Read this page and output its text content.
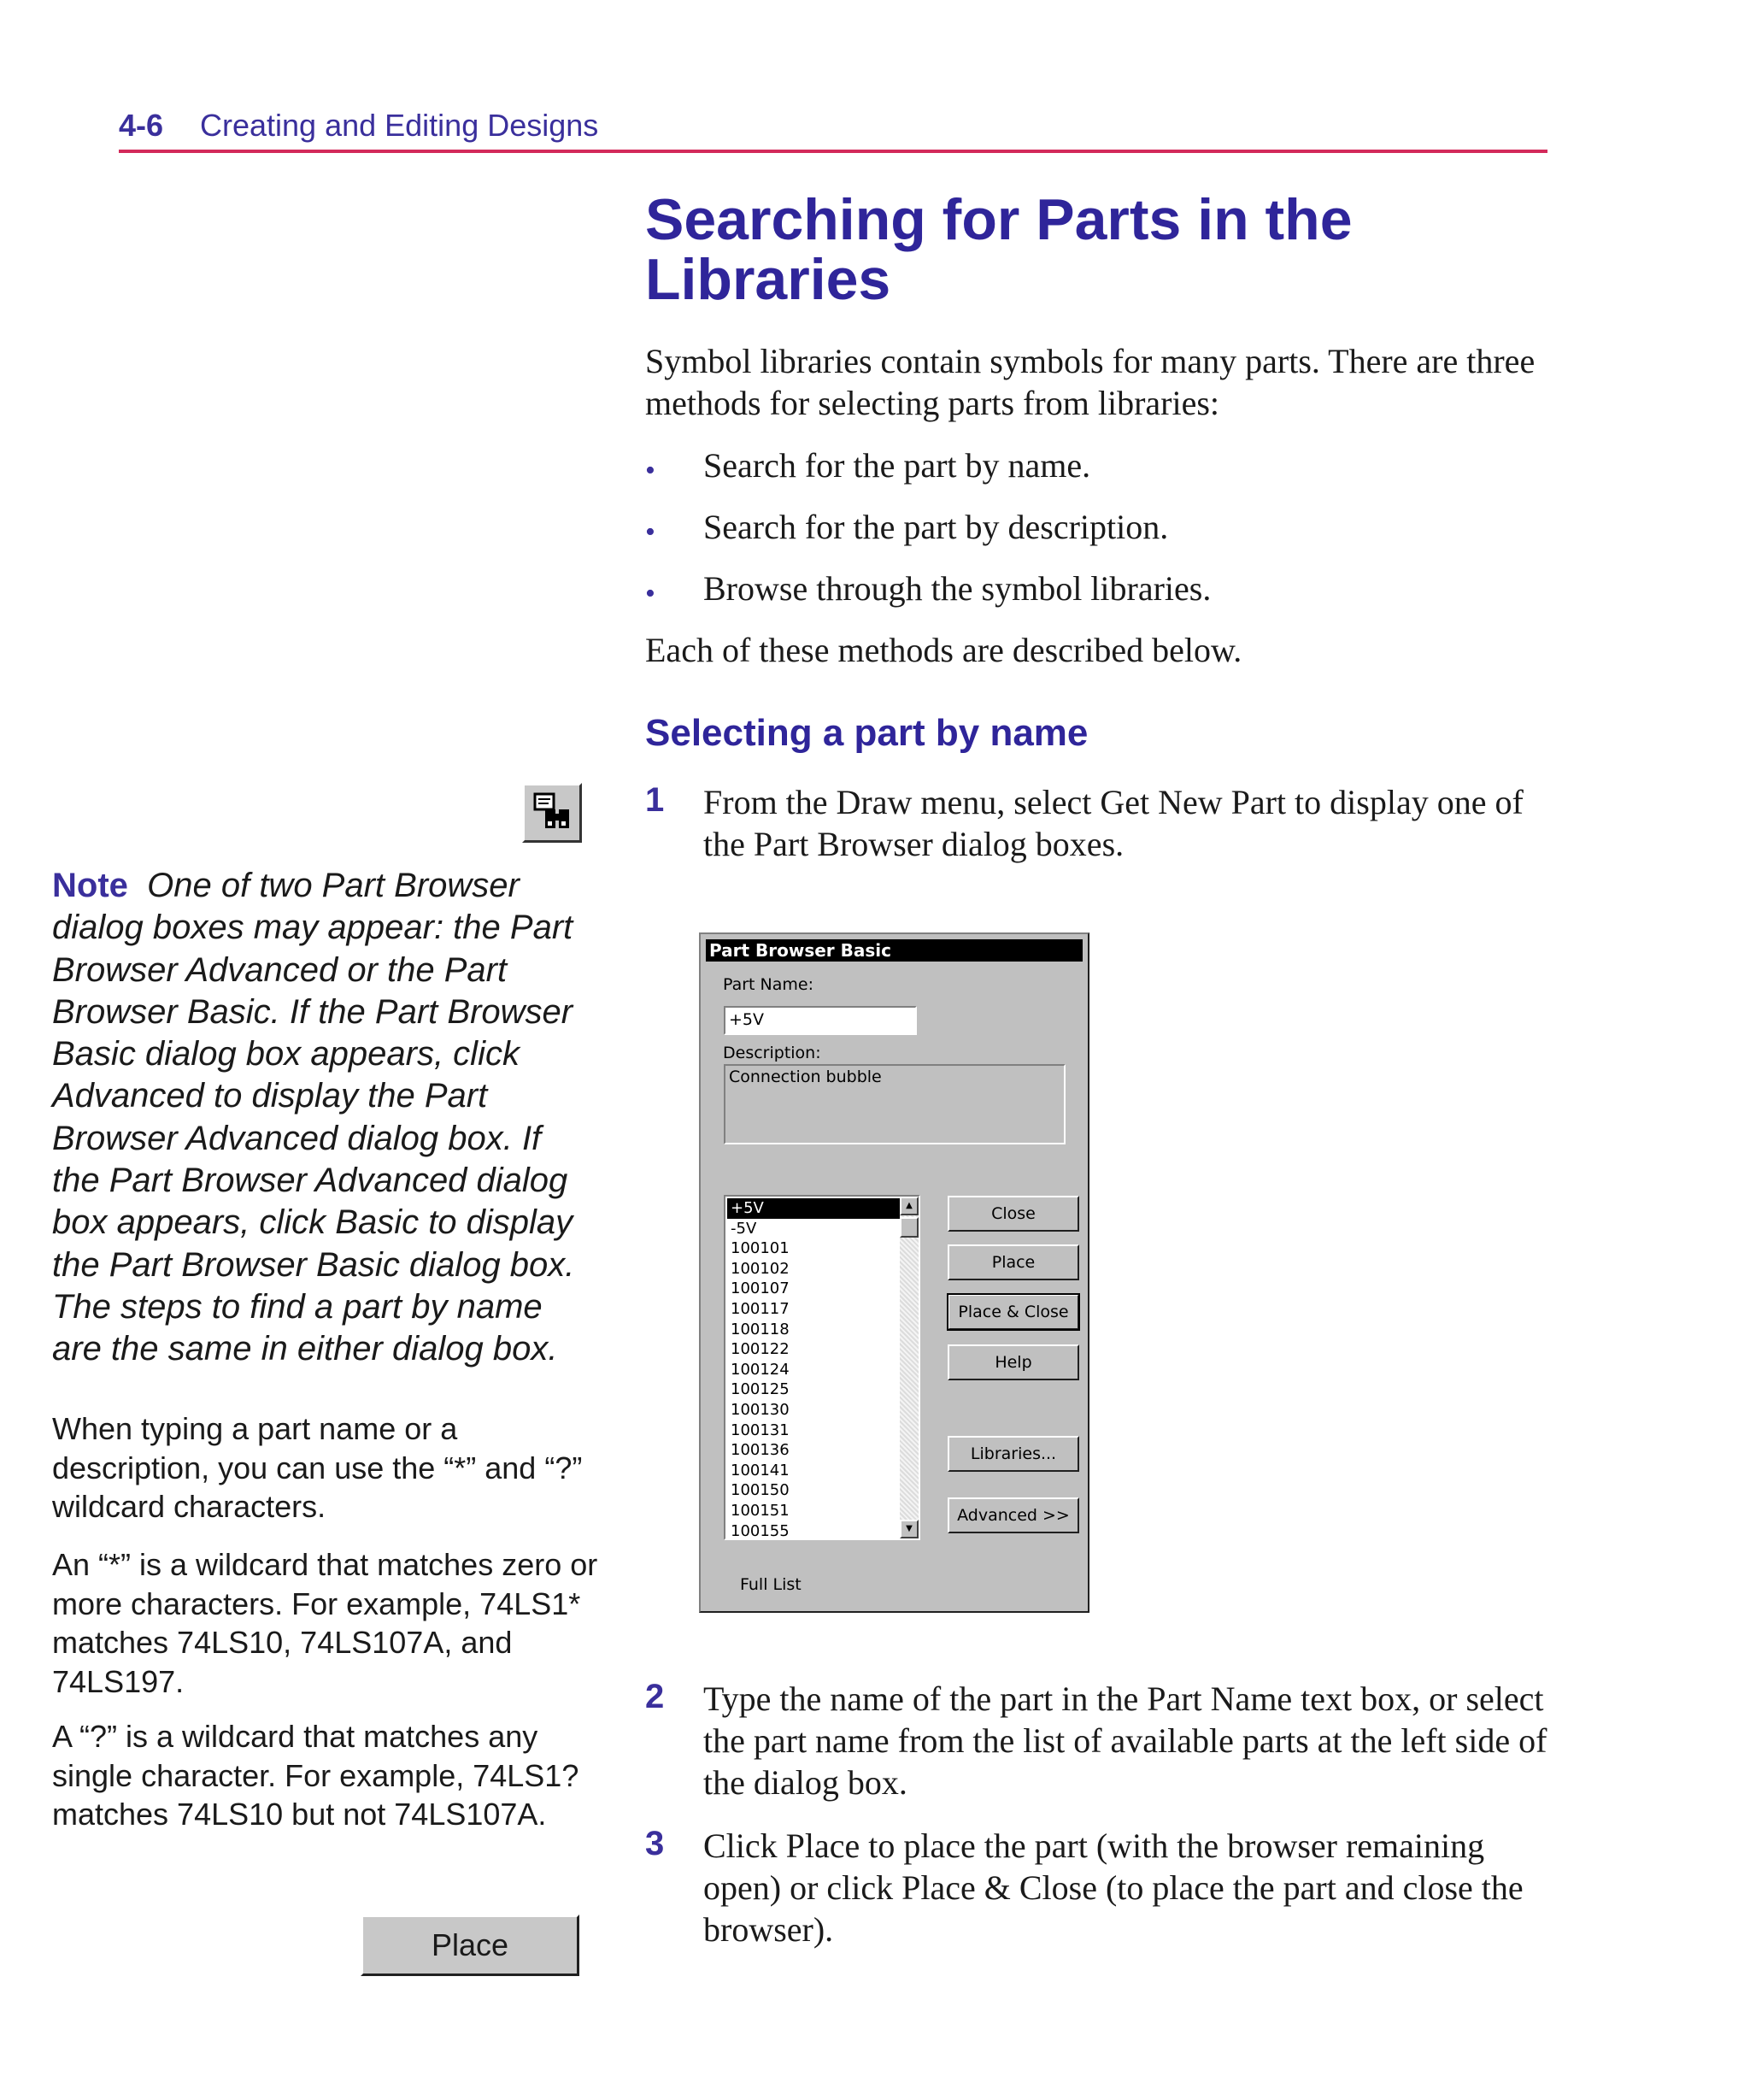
4-6 Creating and Editing Designs
Searching for Parts in the Libraries
Symbol libraries contain symbols for many parts. There are three methods for selecting parts from libraries:
• Search for the part by name.
• Search for the part by description.
• Browse through the symbol libraries.
Each of these methods are described below.
Selecting a part by name
1 From the Draw menu, select Get New Part to display one of the Part Browser dialog boxes.
Part Browser Basic
Part Name:
+5V
Description:
Connection bubble
+5V
-5V
100101
100102
100107
100117
100118
100122
100124
100125
100130
100131
100136
100141
100150
100151
100155
▲
▼
Close
Place
Place & Close
Help
Libraries...
Advanced >>
Full List
2 Type the name of the part in the Part Name text box, or select the part name from the list of available parts at the left side of the dialog box.
3 Click Place to place the part (with the browser remaining open) or click Place & Close (to place the part and close the browser).
Note One of two Part Browser dialog boxes may appear: the Part Browser Advanced or the Part Browser Basic. If the Part Browser Basic dialog box appears, click Advanced to display the Part Browser Advanced dialog box. If the Part Browser Advanced dialog box appears, click Basic to display the Part Browser Basic dialog box. The steps to find a part by name are the same in either dialog box.
When typing a part name or a description, you can use the “*” and “?” wildcard characters.
An “*” is a wildcard that matches zero or more characters. For example, 74LS1* matches 74LS10, 74LS107A, and 74LS197.
A “?” is a wildcard that matches any single character. For example, 74LS1? matches 74LS10 but not 74LS107A.
Place
